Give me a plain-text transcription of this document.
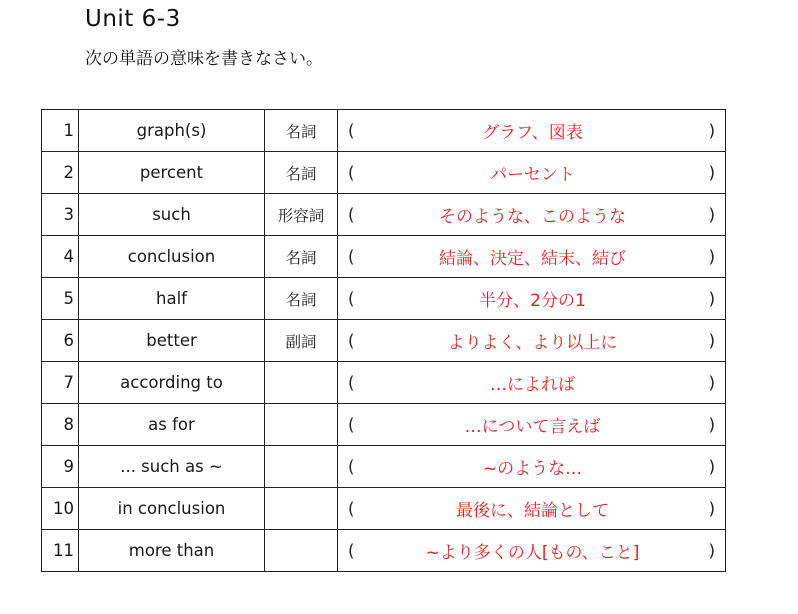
Unit 6-3
次の単語の意味を書きなさい。
1	graph(s)	名詞	( グラフ、図表 )

2	percent	名詞	( パーセント )

3	such	形容詞	( そのような、このような )

4	conclusion	名詞	( 結論、決定、結末、結び )

5	half	名詞	( 半分、2分の1 )

6	better	副詞	( よりよく、より以上に )

7	according to		( …によれば )

8	as for		( …について言えば )

9	... such as ~		( ~のような… )

10	in conclusion		( 最後に、結論として )

11	more than		( ~より多くの人[もの、こと] )
